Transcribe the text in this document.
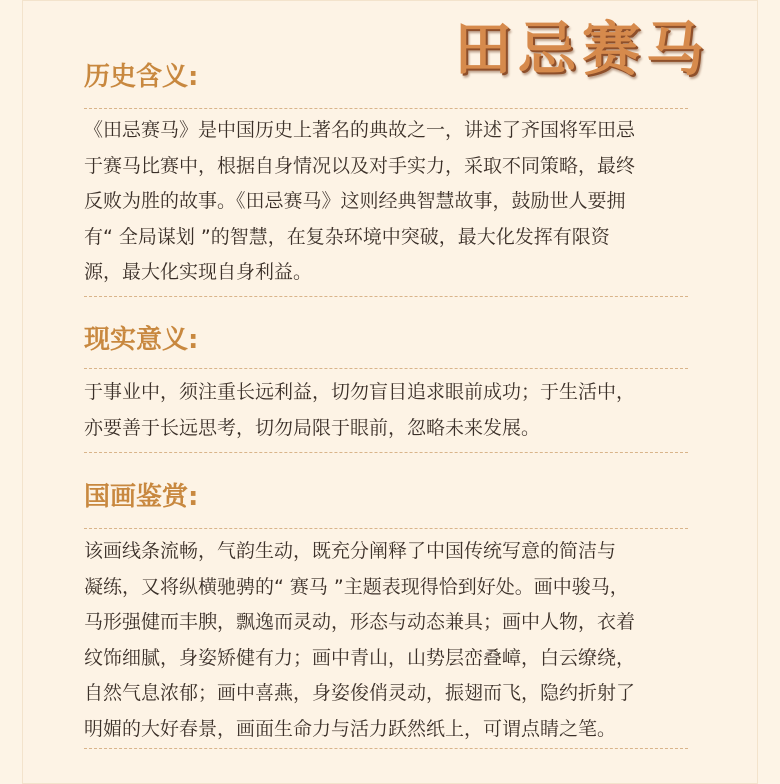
田忌赛马
历史含义:
《田忌赛马》是中国历史上著名的典故之一，讲述了齐国将军田忌
于赛马比赛中，根据自身情况以及对手实力，采取不同策略，最终
反败为胜的故事。《田忌赛马》这则经典智慧故事，鼓励世人要拥
有“ 全局谋划 ”的智慧，在复杂环境中突破，最大化发挥有限资
源，最大化实现自身利益。
现实意义:
于事业中，须注重长远利益，切勿盲目追求眼前成功；于生活中，
亦要善于长远思考，切勿局限于眼前，忽略未来发展。
国画鉴赏:
该画线条流畅，气韵生动，既充分阐释了中国传统写意的简洁与
凝练，又将纵横驰骋的“ 赛马 ”主题表现得恰到好处。画中骏马，
马形强健而丰腴，飘逸而灵动，形态与动态兼具；画中人物，衣着
纹饰细腻，身姿矫健有力；画中青山，山势层峦叠嶂，白云缭绕，
自然气息浓郁；画中喜燕，身姿俊俏灵动，振翅而飞，隐约折射了
明媚的大好春景，画面生命力与活力跃然纸上，可谓点睛之笔。
